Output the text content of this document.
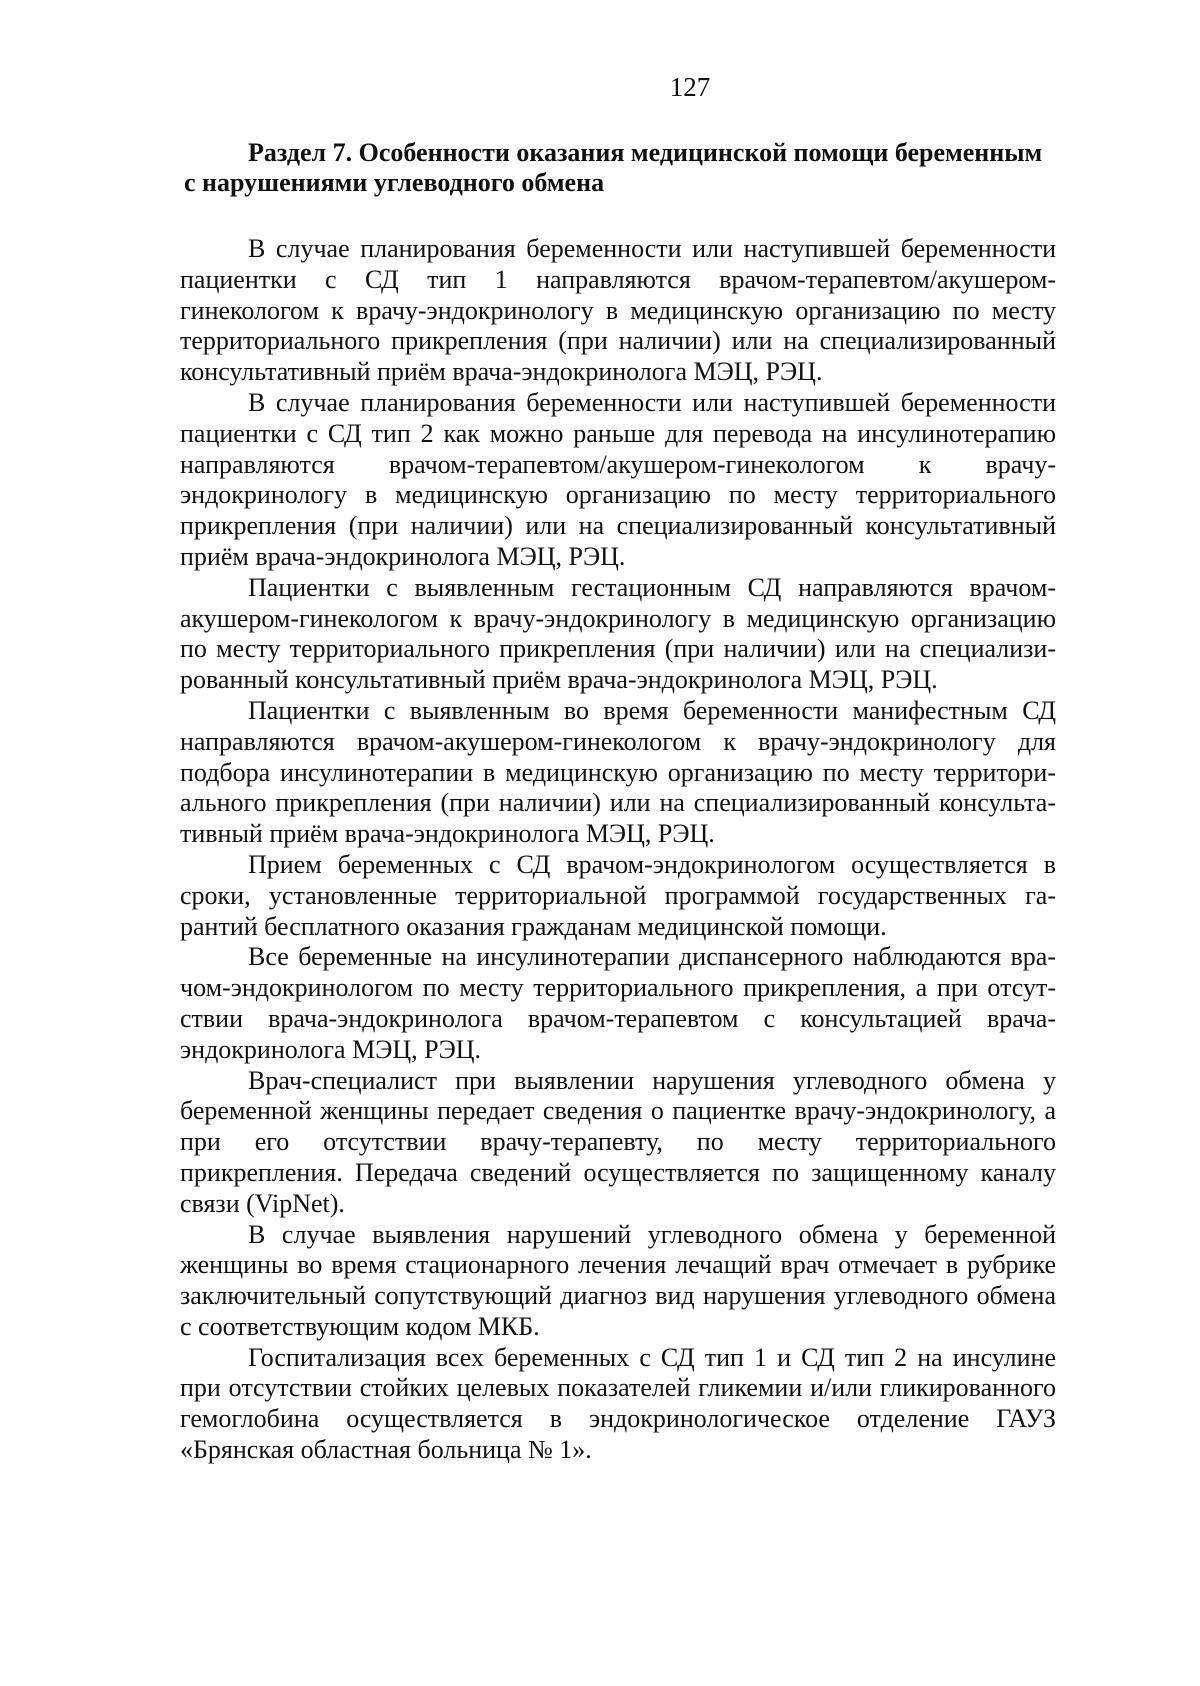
127
Раздел 7. Особенности оказания медицинской помощи беременным
с нарушениями углеводного обмена

В случае планирования беременности или наступившей беременности пациентки с СД тип 1 направляются врачом-терапевтом/акушером-гинекологом к врачу-эндокринологу в медицинскую организацию по месту территориального прикрепления (при наличии) или на специализированный консультативный приём врача-эндокринолога МЭЦ, РЭЦ.

В случае планирования беременности или наступившей беременности пациентки с СД тип 2 как можно раньше для перевода на инсулинотерапию направляются врачом-терапевтом/акушером-гинекологом к врачу-эндокринологу в медицинскую организацию по месту территориального прикрепления (при наличии) или на специализированный консультативный приём врача-эндокринолога МЭЦ, РЭЦ.

Пациентки с выявленным гестационным СД направляются врачом-акушером-гинекологом к врачу-эндокринологу в медицинскую организацию по месту территориального прикрепления (при наличии) или на специализированный консультативный приём врача-эндокринолога МЭЦ, РЭЦ.

Пациентки с выявленным во время беременности манифестным СД направляются врачом-акушером-гинекологом к врачу-эндокринологу для подбора инсулинотерапии в медицинскую организацию по месту территориального прикрепления (при наличии) или на специализированный консультативный приём врача-эндокринолога МЭЦ, РЭЦ.

Прием беременных с СД врачом-эндокринологом осуществляется в сроки, установленные территориальной программой государственных гарантий бесплатного оказания гражданам медицинской помощи.

Все беременные на инсулинотерапии диспансерного наблюдаются врачом-эндокринологом по месту территориального прикрепления, а при отсутствии врача-эндокринолога врачом-терапевтом с консультацией врача-эндокринолога МЭЦ, РЭЦ.

Врач-специалист при выявлении нарушения углеводного обмена у беременной женщины передает сведения о пациентке врачу-эндокринологу, а при его отсутствии врачу-терапевту, по месту территориального прикрепления. Передача сведений осуществляется по защищенному каналу связи (VipNet).

В случае выявления нарушений углеводного обмена у беременной женщины во время стационарного лечения лечащий врач отмечает в рубрике заключительный сопутствующий диагноз вид нарушения углеводного обмена с соответствующим кодом МКБ.

Госпитализация всех беременных с СД тип 1 и СД тип 2 на инсулине при отсутствии стойких целевых показателей гликемии и/или гликированного гемоглобина осуществляется в эндокринологическое отделение ГАУЗ «Брянская областная больница № 1».
